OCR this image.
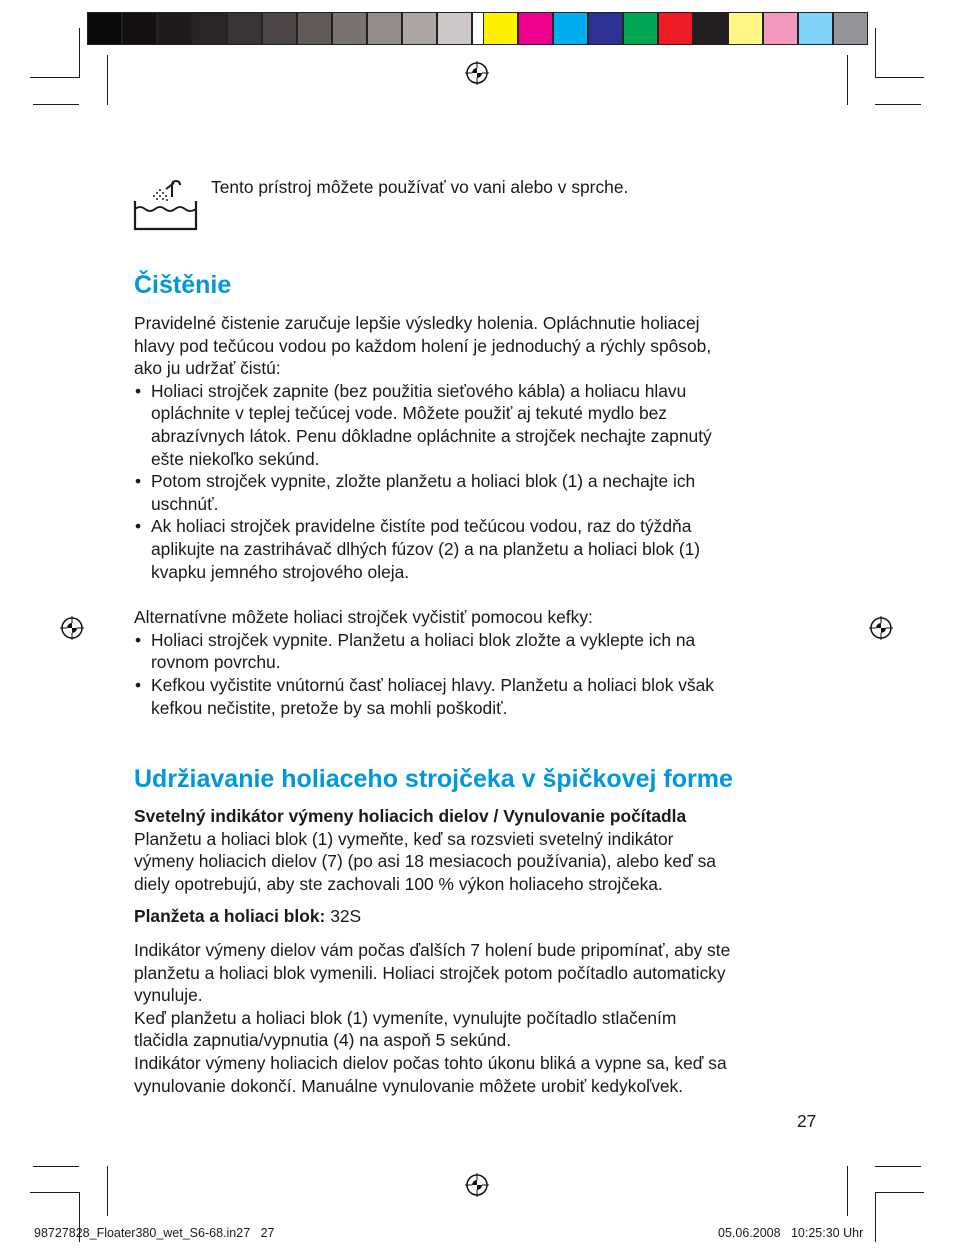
Tento prístroj môžete používať vo vani alebo v sprche.
Čištěnie

Pravidelné čistenie zaručuje lepšie výsledky holenia. Opláchnutie holiacej
hlavy pod tečúcou vodou po každom holení je jednoduchý a rýchly spôsob,
ako ju udržať čistú:

• Holiaci strojček zapnite (bez použitia sieťového kábla) a holiacu hlavu
opláchnite v teplej tečúcej vode. Môžete použiť aj tekuté mydlo bez
abrazívnych látok. Penu dôkladne opláchnite a strojček nechajte zapnutý
ešte niekoľko sekúnd.
• Potom strojček vypnite, zložte planžetu a holiaci blok (1) a nechajte ich
uschnúť.
• Ak holiaci strojček pravidelne čistíte pod tečúcou vodou, raz do týždňa
aplikujte na zastrihávač dlhých fúzov (2) a na planžetu a holiaci blok (1)
kvapku jemného strojového oleja.

Alternatívne môžete holiaci strojček vyčistiť pomocou kefky:

• Holiaci strojček vypnite. Planžetu a holiaci blok zložte a vyklepte ich na
rovnom povrchu.
• Kefkou vyčistite vnútornú časť holiacej hlavy. Planžetu a holiaci blok však
kefkou nečistite, pretože by sa mohli poškodiť.
Udržiavanie holiaceho strojčeka v špičkovej forme

Svetelný indikátor výmeny holiacich dielov / Vynulovanie počítadla

Planžetu a holiaci blok (1) vymeňte, keď sa rozsvieti svetelný indikátor
výmeny holiacich dielov (7) (po asi 18 mesiacoch používania), alebo keď sa
diely opotrebujú, aby ste zachovali 100 % výkon holiaceho strojčeka.

Planžeta a holiaci blok: 32S

Indikátor výmeny dielov vám počas ďalších 7 holení bude pripomínať, aby ste
planžetu a holiaci blok vymenili. Holiaci strojček potom počítadlo automaticky
vynuluje.
Keď planžetu a holiaci blok (1) vymeníte, vynulujte počítadlo stlačením
tlačidla zapnutia/vypnutia (4) na aspoň 5 sekúnd.
Indikátor výmeny holiacich dielov počas tohto úkonu bliká a vypne sa, keď sa
vynulovanie dokončí. Manuálne vynulovanie môžete urobiť kedykoľvek.

27
98727828_Floater380_wet_S6-68.in27   27	05.06.2008   10:25:30 Uhr
